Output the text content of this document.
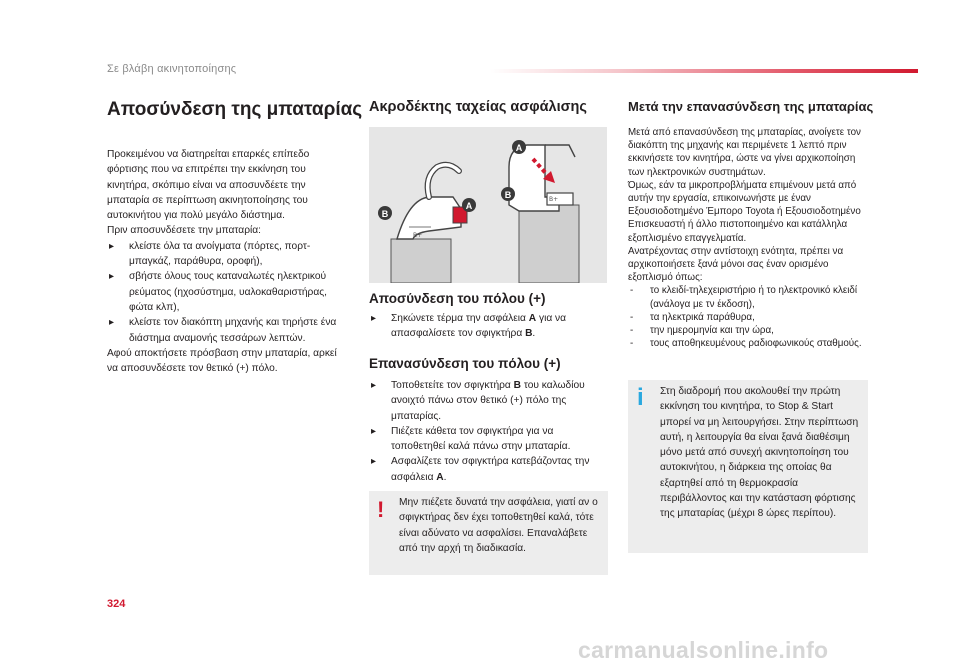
Σε βλάβη ακινητοποίησης
Αποσύνδεση της μπαταρίας

Προκειμένου να διατηρείται επαρκές επίπεδο φόρτισης που να επιτρέπει την εκκίνηση του κινητήρα, σκόπιμο είναι να αποσυνδέετε την μπαταρία σε περίπτωση ακινητοποίησης του αυτοκινήτου για πολύ μεγάλο διάστημα.

Πριν αποσυνδέσετε την μπαταρία:

▸ κλείστε όλα τα ανοίγματα (πόρτες, πορτ-μπαγκάζ, παράθυρα, οροφή),
▸ σβήστε όλους τους καταναλωτές ηλεκτρικού ρεύματος (ηχοσύστημα, υαλοκαθαριστήρας, φώτα κλπ),
▸ κλείστε τον διακόπτη μηχανής και τηρήστε ένα διάστημα αναμονής τεσσάρων λεπτών.

Αφού αποκτήσετε πρόσβαση στην μπαταρία, αρκεί να αποσυνδέσετε τον θετικό (+) πόλο.

Ακροδέκτης ταχείας ασφάλισης
B+
B+
B
A
A
B
Αποσύνδεση του πόλου (+)
▸ Σηκώνετε τέρμα την ασφάλεια A για να απασφαλίσετε τον σφιγκτήρα B.
Επανασύνδεση του πόλου (+)
▸ Τοποθετείτε τον σφιγκτήρα B του καλωδίου ανοιχτό πάνω στον θετικό (+) πόλο της μπαταρίας.
▸ Πιέζετε κάθετα τον σφιγκτήρα για να τοποθετηθεί καλά πάνω στην μπαταρία.
▸ Ασφαλίζετε τον σφιγκτήρα κατεβάζοντας την ασφάλεια A.
! Μην πιέζετε δυνατά την ασφάλεια, γιατί αν ο σφιγκτήρας δεν έχει τοποθετηθεί καλά, τότε είναι αδύνατο να ασφαλίσει. Επαναλάβετε από την αρχή τη διαδικασία.
Μετά την επανασύνδεση της μπαταρίας

Μετά από επανασύνδεση της μπαταρίας, ανοίγετε τον διακόπτη της μηχανής και περιμένετε 1 λεπτό πριν εκκινήσετε τον κινητήρα, ώστε να γίνει αρχικοποίηση των ηλεκτρονικών συστημάτων.

Όμως, εάν τα μικροπροβλήματα επιμένουν μετά από αυτήν την εργασία, επικοινωνήστε με έναν Εξουσιοδοτημένο Έμπορο Toyota ή Εξουσιοδοτημένο Επισκευαστή ή άλλο πιστοποιημένο και κατάλληλα εξοπλισμένο επαγγελματία.

Ανατρέχοντας στην αντίστοιχη ενότητα, πρέπει να αρχικοποιήσετε ξανά μόνοι σας έναν ορισμένο εξοπλισμό όπως:

- το κλειδί-τηλεχειριστήριο ή το ηλεκτρονικό κλειδί (ανάλογα με τν έκδοση),
- τα ηλεκτρικά παράθυρα,
- την ημερομηνία και την ώρα,
- τους αποθηκευμένους ραδιοφωνικούς σταθμούς.
i Στη διαδρομή που ακολουθεί την πρώτη εκκίνηση του κινητήρα, το Stop & Start μπορεί να μη λειτουργήσει. Στην περίπτωση αυτή, η λειτουργία θα είναι ξανά διαθέσιμη μόνο μετά από συνεχή ακινητοποίηση του αυτοκινήτου, η διάρκεια της οποίας θα εξαρτηθεί από τη θερμοκρασία περιβάλλοντος και την κατάσταση φόρτισης της μπαταρίας (μέχρι 8 ώρες περίπου).
324
carmanualsonline.info
